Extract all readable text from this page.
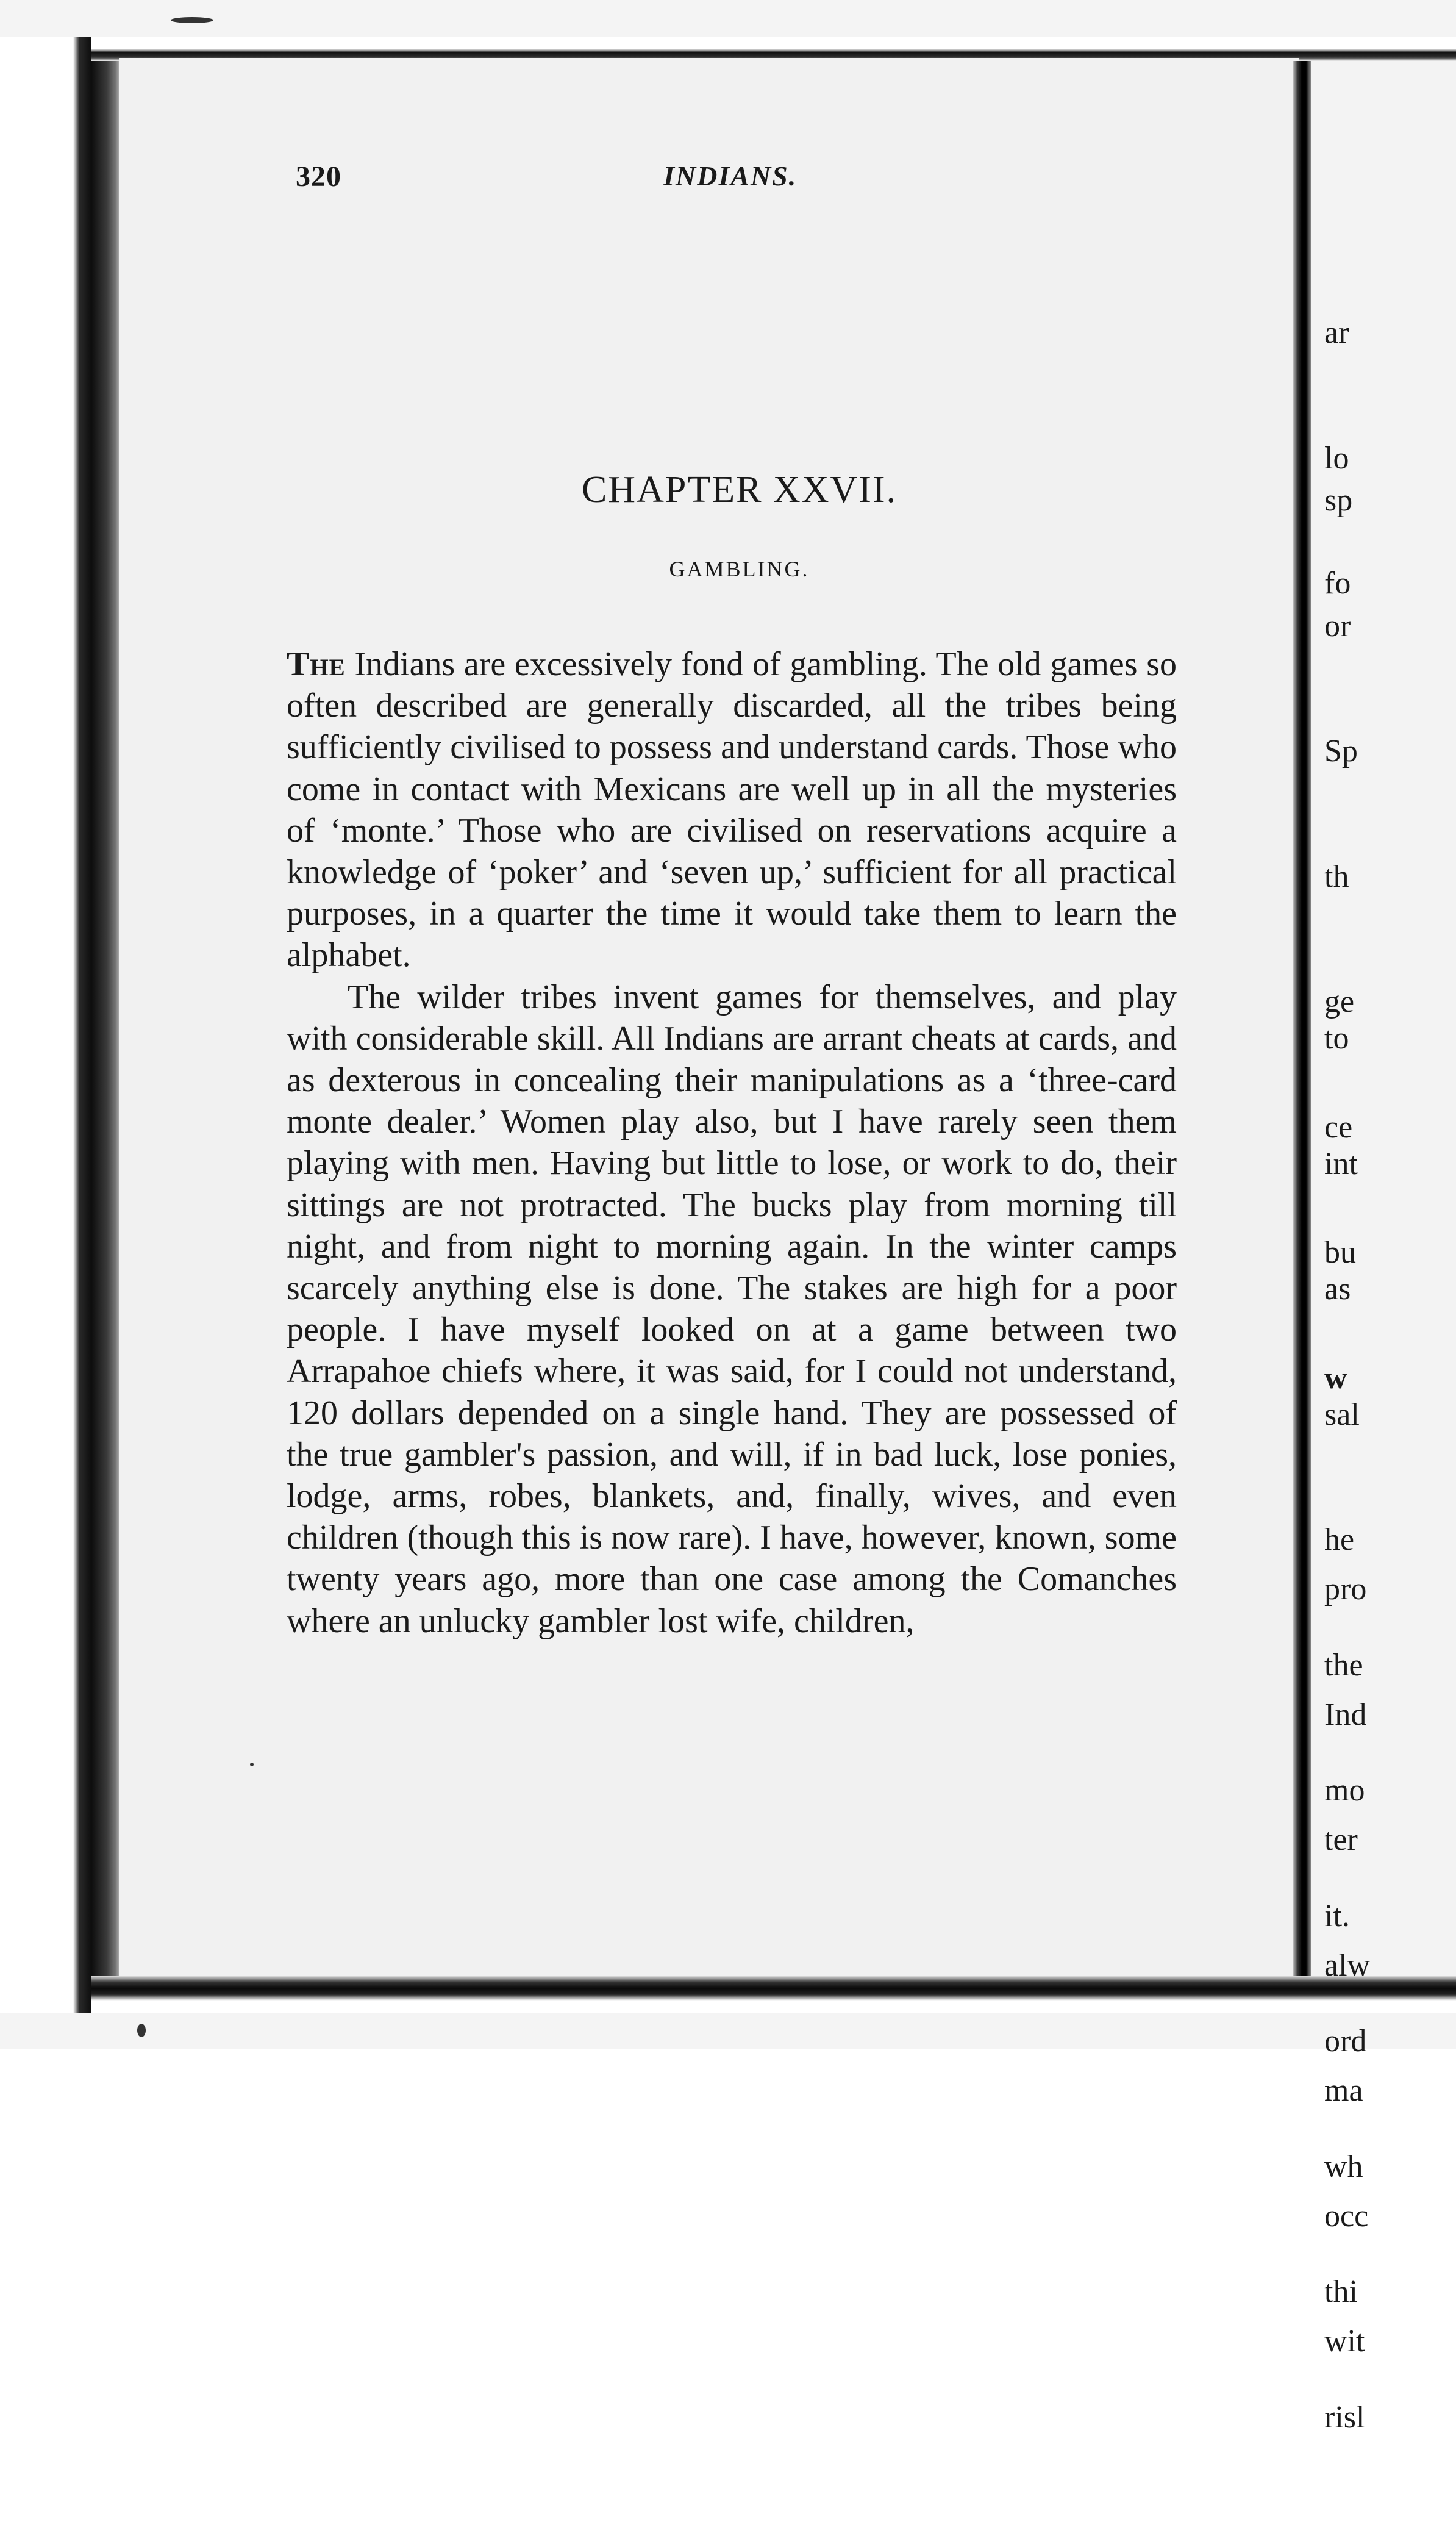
320	INDIANS.
CHAPTER XXVII.
GAMBLING.

The Indians are excessively fond of gambling. The old games so often described are generally discarded, all the tribes being sufficiently civilised to possess and understand cards. Those who come in contact with Mexicans are well up in all the mysteries of ‘monte.’ Those who are civilised on reservations acquire a knowledge of ‘poker’ and ‘seven up,’ sufficient for all practical purposes, in a quarter the time it would take them to learn the alphabet.

The wilder tribes invent games for themselves, and play with considerable skill. All Indians are arrant cheats at cards, and as dexterous in concealing their manipulations as a ‘three-card monte dealer.’ Women play also, but I have rarely seen them playing with men. Having but little to lose, or work to do, their sittings are not protracted. The bucks play from morning till night, and from night to morning again. In the winter camps scarcely anything else is done. The stakes are high for a poor people. I have myself looked on at a game between two Arrapahoe chiefs where, it was said, for I could not understand, 120 dollars depended on a single hand. They are possessed of the true gambler's passion, and will, if in bad luck, lose ponies, lodge, arms, robes, blankets, and, finally, wives, and even children (though this is now rare). I have, however, known, some twenty years ago, more than one case among the Comanches where an unlucky gambler lost wife, children,

ar

lo

fo

sp

or

Sp

th

ge

ce

bu

w

to

int

as

sal

he

the

mo

it.

ord

wh

thi

risl

pro

Ind

ter

alw

ma

occ

wit
